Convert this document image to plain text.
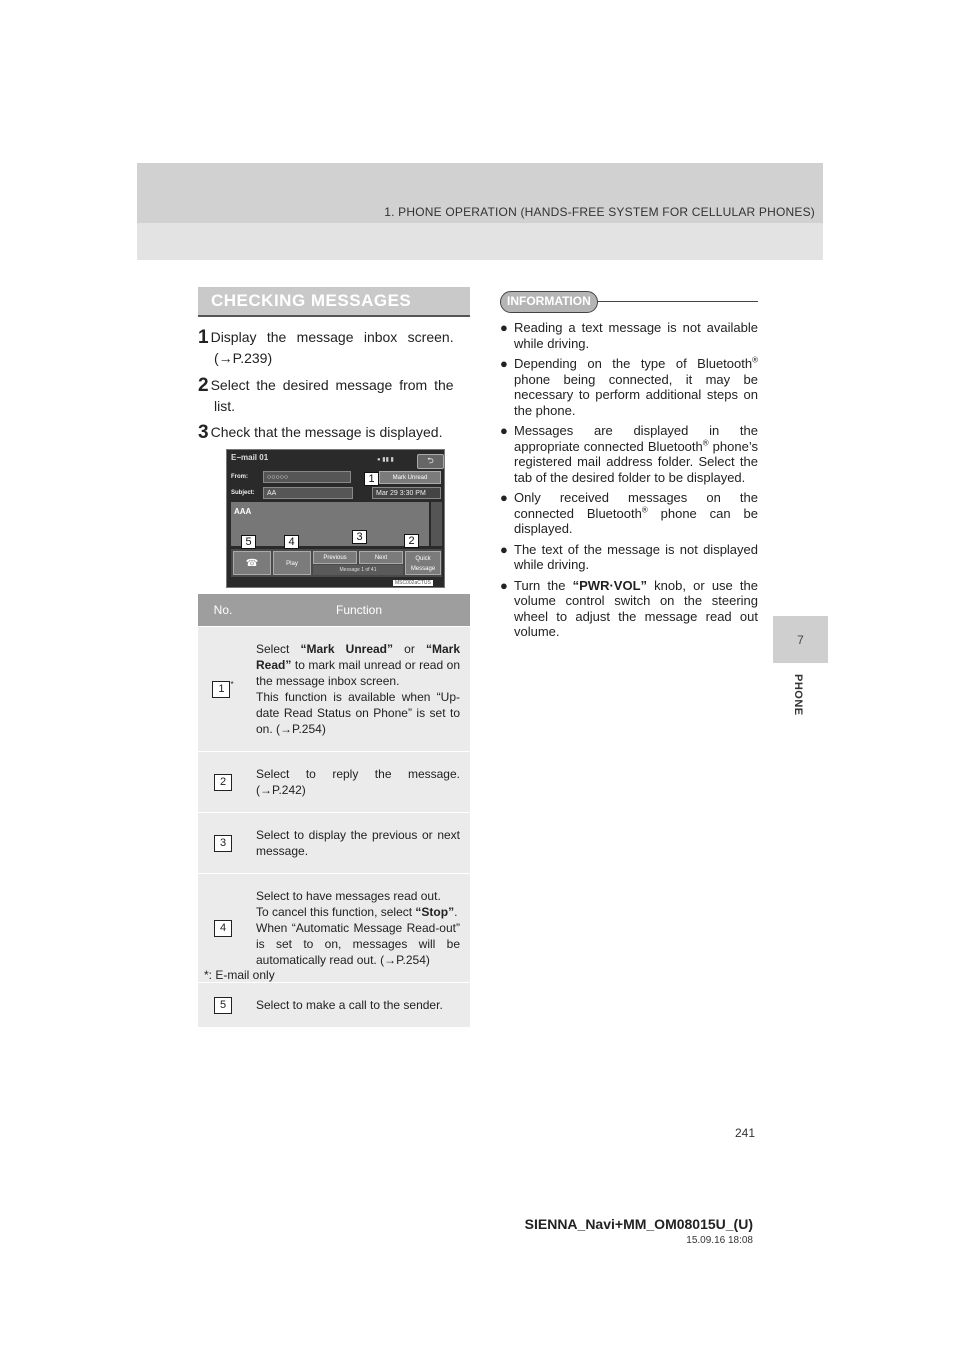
1. PHONE OPERATION (HANDS-FREE SYSTEM FOR CELLULAR PHONES)
7
PHONE
CHECKING MESSAGES
1 Display the message inbox screen.
(→P.239)
2 Select the desired message from the
list.
3 Check that the message is displayed.
E−mail 01	● ▮▮ ▮	⮌
From:	○○○○○	Mark Unread
Subject:	AA	Mar 29 3:30 PM
AAA
☎	Play
Previous	Next
Message 1 of 41
Quick Message
1
2
3
4
5
MSC002aCTUS
No.	Function
1 *	Select “Mark Unread” or “Mark Read” to mark mail unread or read on the message inbox screen.
This function is available when “Up-date Read Status on Phone” is set to on. (→P.254)
2	Select to reply the message. (→P.242)
3	Select to display the previous or next message.
4	Select to have messages read out.
To cancel this function, select “Stop”.
When “Automatic Message Read-out” is set to on, messages will be automatically read out. (→P.254)
5	Select to make a call to the sender.
*: E-mail only
INFORMATION
● Reading a text message is not available while driving.
● Depending on the type of Bluetooth® phone being connected, it may be necessary to perform additional steps on the phone.
● Messages are displayed in the appropriate connected Bluetooth® phone’s registered mail address folder. Select the tab of the desired folder to be displayed.
● Only received messages on the connected Bluetooth® phone can be displayed.
● The text of the message is not displayed while driving.
● Turn the “PWR·VOL” knob, or use the volume control switch on the steering wheel to adjust the message read out volume.
241
SIENNA_Navi+MM_OM08015U_(U)
15.09.16 18:08
